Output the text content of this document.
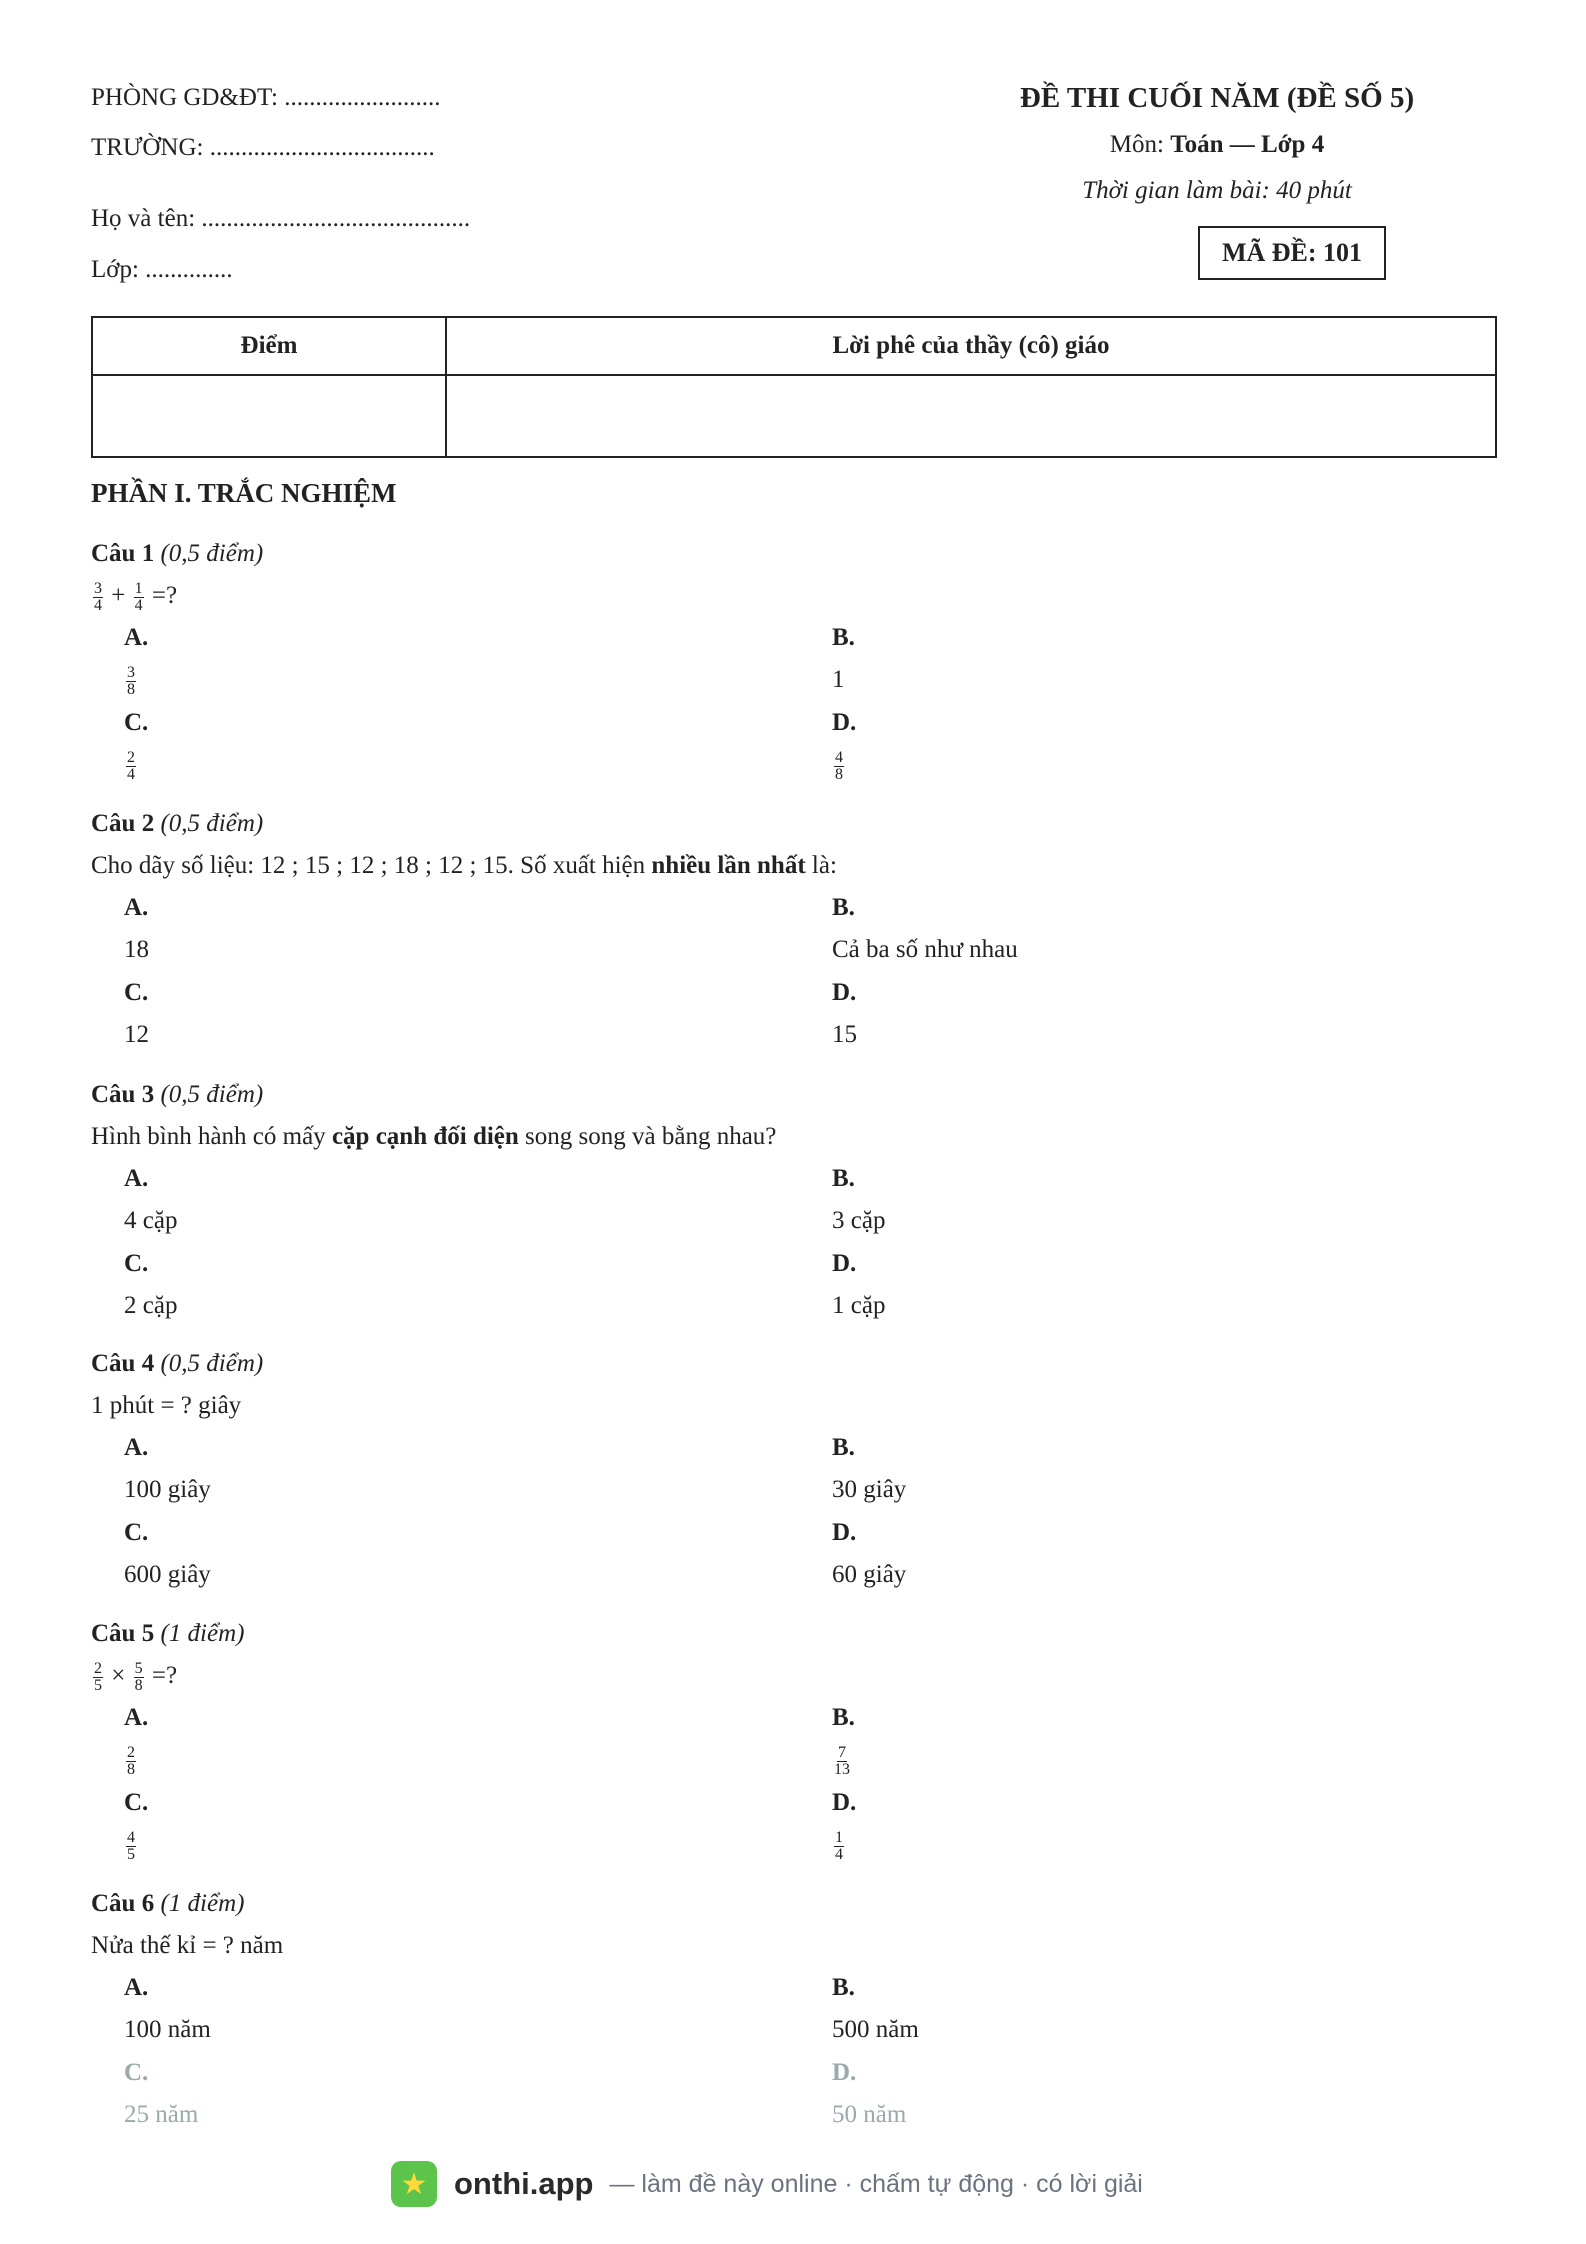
PHÒNG GD&ĐT: .........................
TRƯỜNG: ....................................
Họ và tên: ...........................................
Lớp: ..............
ĐỀ THI CUỐI NĂM (ĐỀ SỐ 5)
Môn: Toán — Lớp 4
Thời gian làm bài: 40 phút
MÃ ĐỀ: 101
Điểm	Lời phê của thầy (cô) giáo

PHẦN I. TRẮC NGHIỆM
Câu 1 (0,5 điểm)
$\frac{3}{4} + \frac{1}{4}$ =?
A.
$\frac{3}{8}$
B.
1
C.
$\frac{2}{4}$
D.
$\frac{4}{8}$
Câu 2 (0,5 điểm)
Cho dãy số liệu: 12 ; 15 ; 12 ; 18 ; 12 ; 15. Số xuất hiện nhiều lần nhất là:
A.
18
B.
Cả ba số như nhau
C.
12
D.
15
Câu 3 (0,5 điểm)
Hình bình hành có mấy cặp cạnh đối diện song song và bằng nhau?
A.
4 cặp
B.
3 cặp
C.
2 cặp
D.
1 cặp
Câu 4 (0,5 điểm)
1 phút = ? giây
A.
100 giây
B.
30 giây
C.
600 giây
D.
60 giây
Câu 5 (1 điểm)
$\frac{2}{5} \times \frac{5}{8}$ =?
A.
$\frac{2}{8}$
B.
$\frac{7}{13}$
C.
$\frac{4}{5}$
D.
$\frac{1}{4}$
Câu 6 (1 điểm)
Nửa thế kỉ = ? năm
A.
100 năm
B.
500 năm
C.
25 năm
D.
50 năm
★ onthi.app — làm đề này online · chấm tự động · có lời giải
